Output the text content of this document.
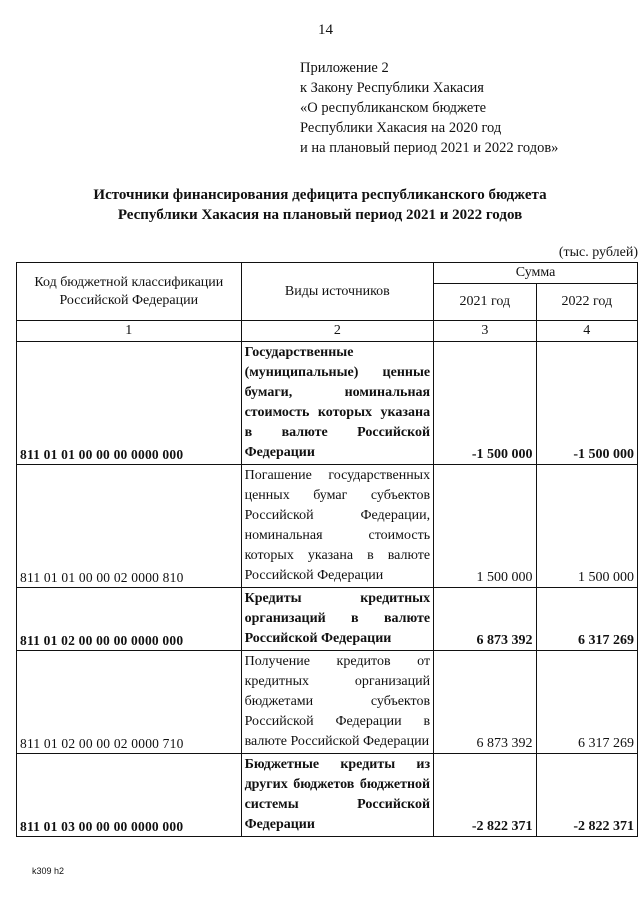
14
Приложение 2
к Закону Республики Хакасия
«О республиканском бюджете
Республики Хакасия на 2020 год
и на плановый период 2021 и 2022 годов»
Источники финансирования дефицита республиканского бюджета
Республики Хакасия на плановый период 2021 и 2022 годов
(тыс. рублей)
Код бюджетной классификации Российской Федерации	Виды источников	Сумма	
		2021 год	2022 год
1	2	3	4
811 01 01 00 00 00 0000 000	Государственные (муниципальные) ценные бумаги, номинальная стоимость которых указана в валюте Российской Федерации	-1 500 000	-1 500 000
811 01 01 00 00 02 0000 810	Погашение государственных ценных бумаг субъектов Российской Федерации, номинальная стоимость которых указана в валюте Российской Федерации	1 500 000	1 500 000
811 01 02 00 00 00 0000 000	Кредиты кредитных организаций в валюте Российской Федерации	6 873 392	6 317 269
811 01 02 00 00 02 0000 710	Получение кредитов от кредитных организаций бюджетами субъектов Российской Федерации в валюте Российской Федерации	6 873 392	6 317 269
811 01 03 00 00 00 0000 000	Бюджетные кредиты из других бюджетов бюджетной системы Российской Федерации	-2 822 371	-2 822 371
k309 h2
